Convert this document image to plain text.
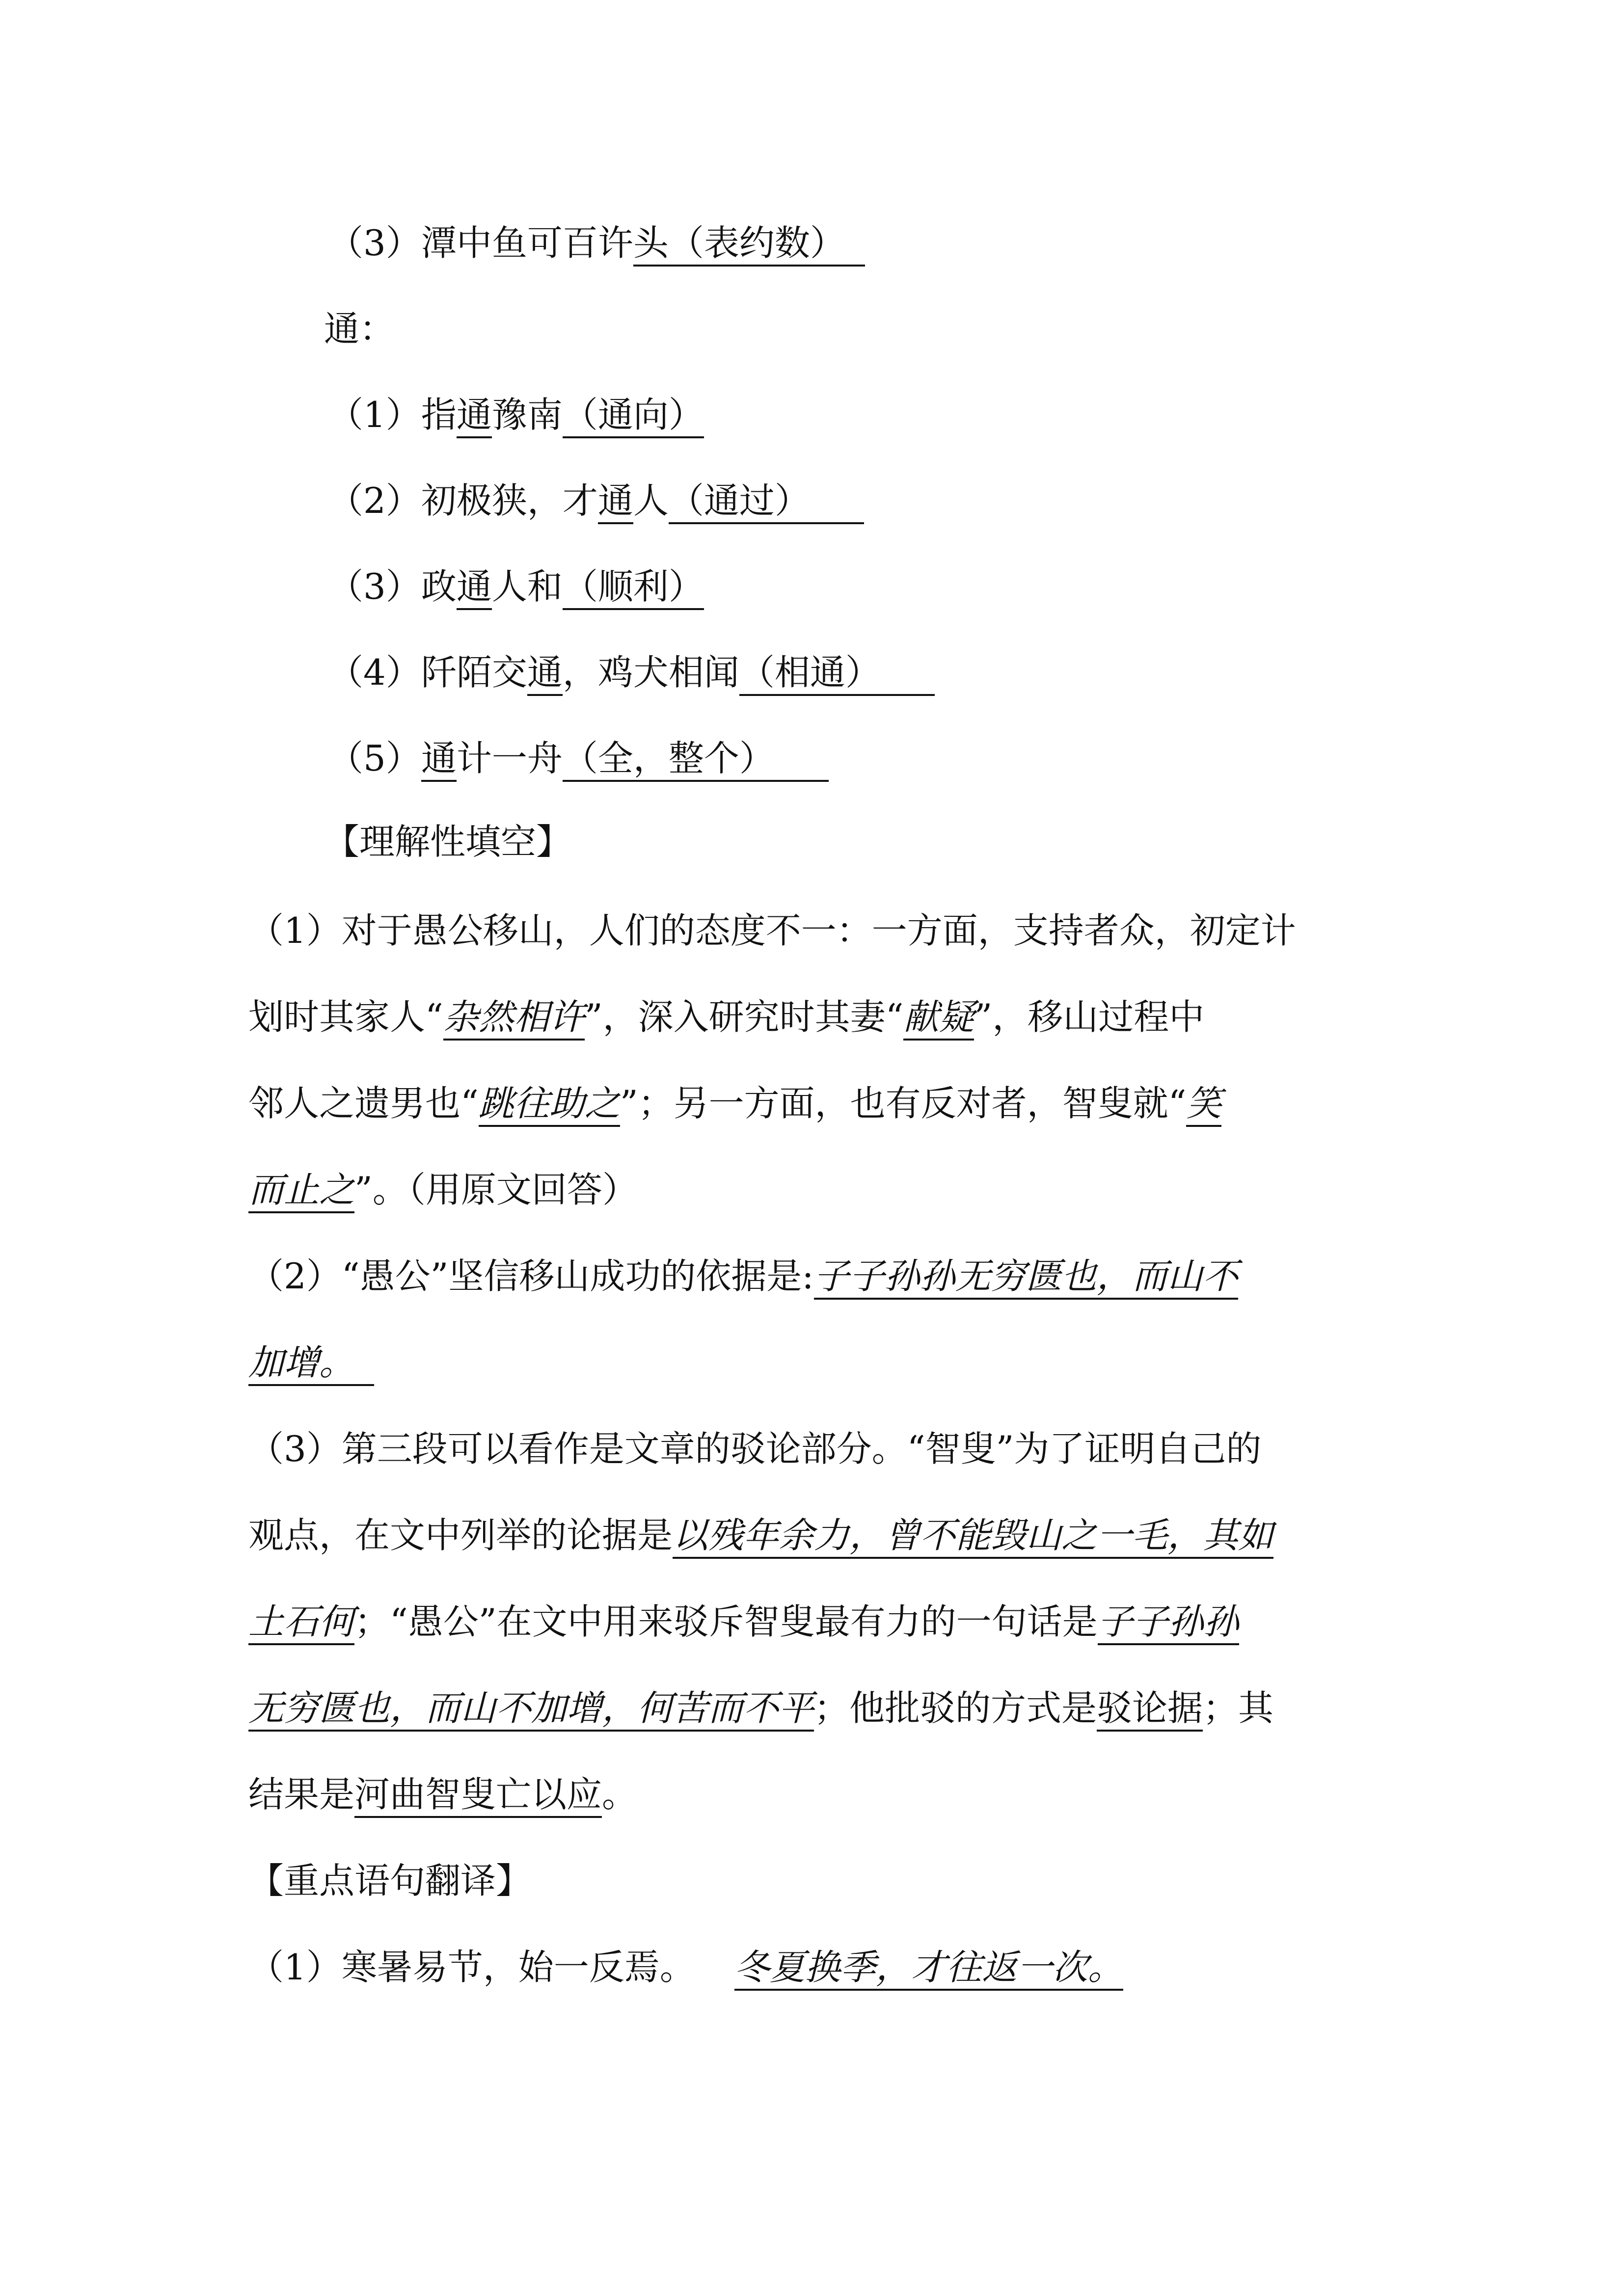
（3）潭中鱼可百许头（表约数）
通：
（1）指通豫南（通向）
（2）初极狭，才通人（通过）
（3）政通人和（顺利）
（4）阡陌交通，鸡犬相闻（相通）
（5）通计一舟（全，整个）
【理解性填空】
（1）对于愚公移山，人们的态度不一：一方面，支持者众，初定计
划时其家人“杂然相许”，深入研究时其妻“献疑”，移山过程中
邻人之遗男也“跳往助之”；另一方面，也有反对者，智叟就“笑
而止之”。（用原文回答）
（2）“愚公”坚信移山成功的依据是:子子孙孙无穷匮也，而山不
加增。
（3）第三段可以看作是文章的驳论部分。“智叟”为了证明自己的
观点，在文中列举的论据是以残年余力，曾不能毁山之一毛，其如
土石何；“愚公”在文中用来驳斥智叟最有力的一句话是子子孙孙
无穷匮也，而山不加增，何苦而不平；他批驳的方式是驳论据；其
结果是河曲智叟亡以应。
【重点语句翻译】
（1）寒暑易节，始一反焉。 冬夏换季，才往返一次。
